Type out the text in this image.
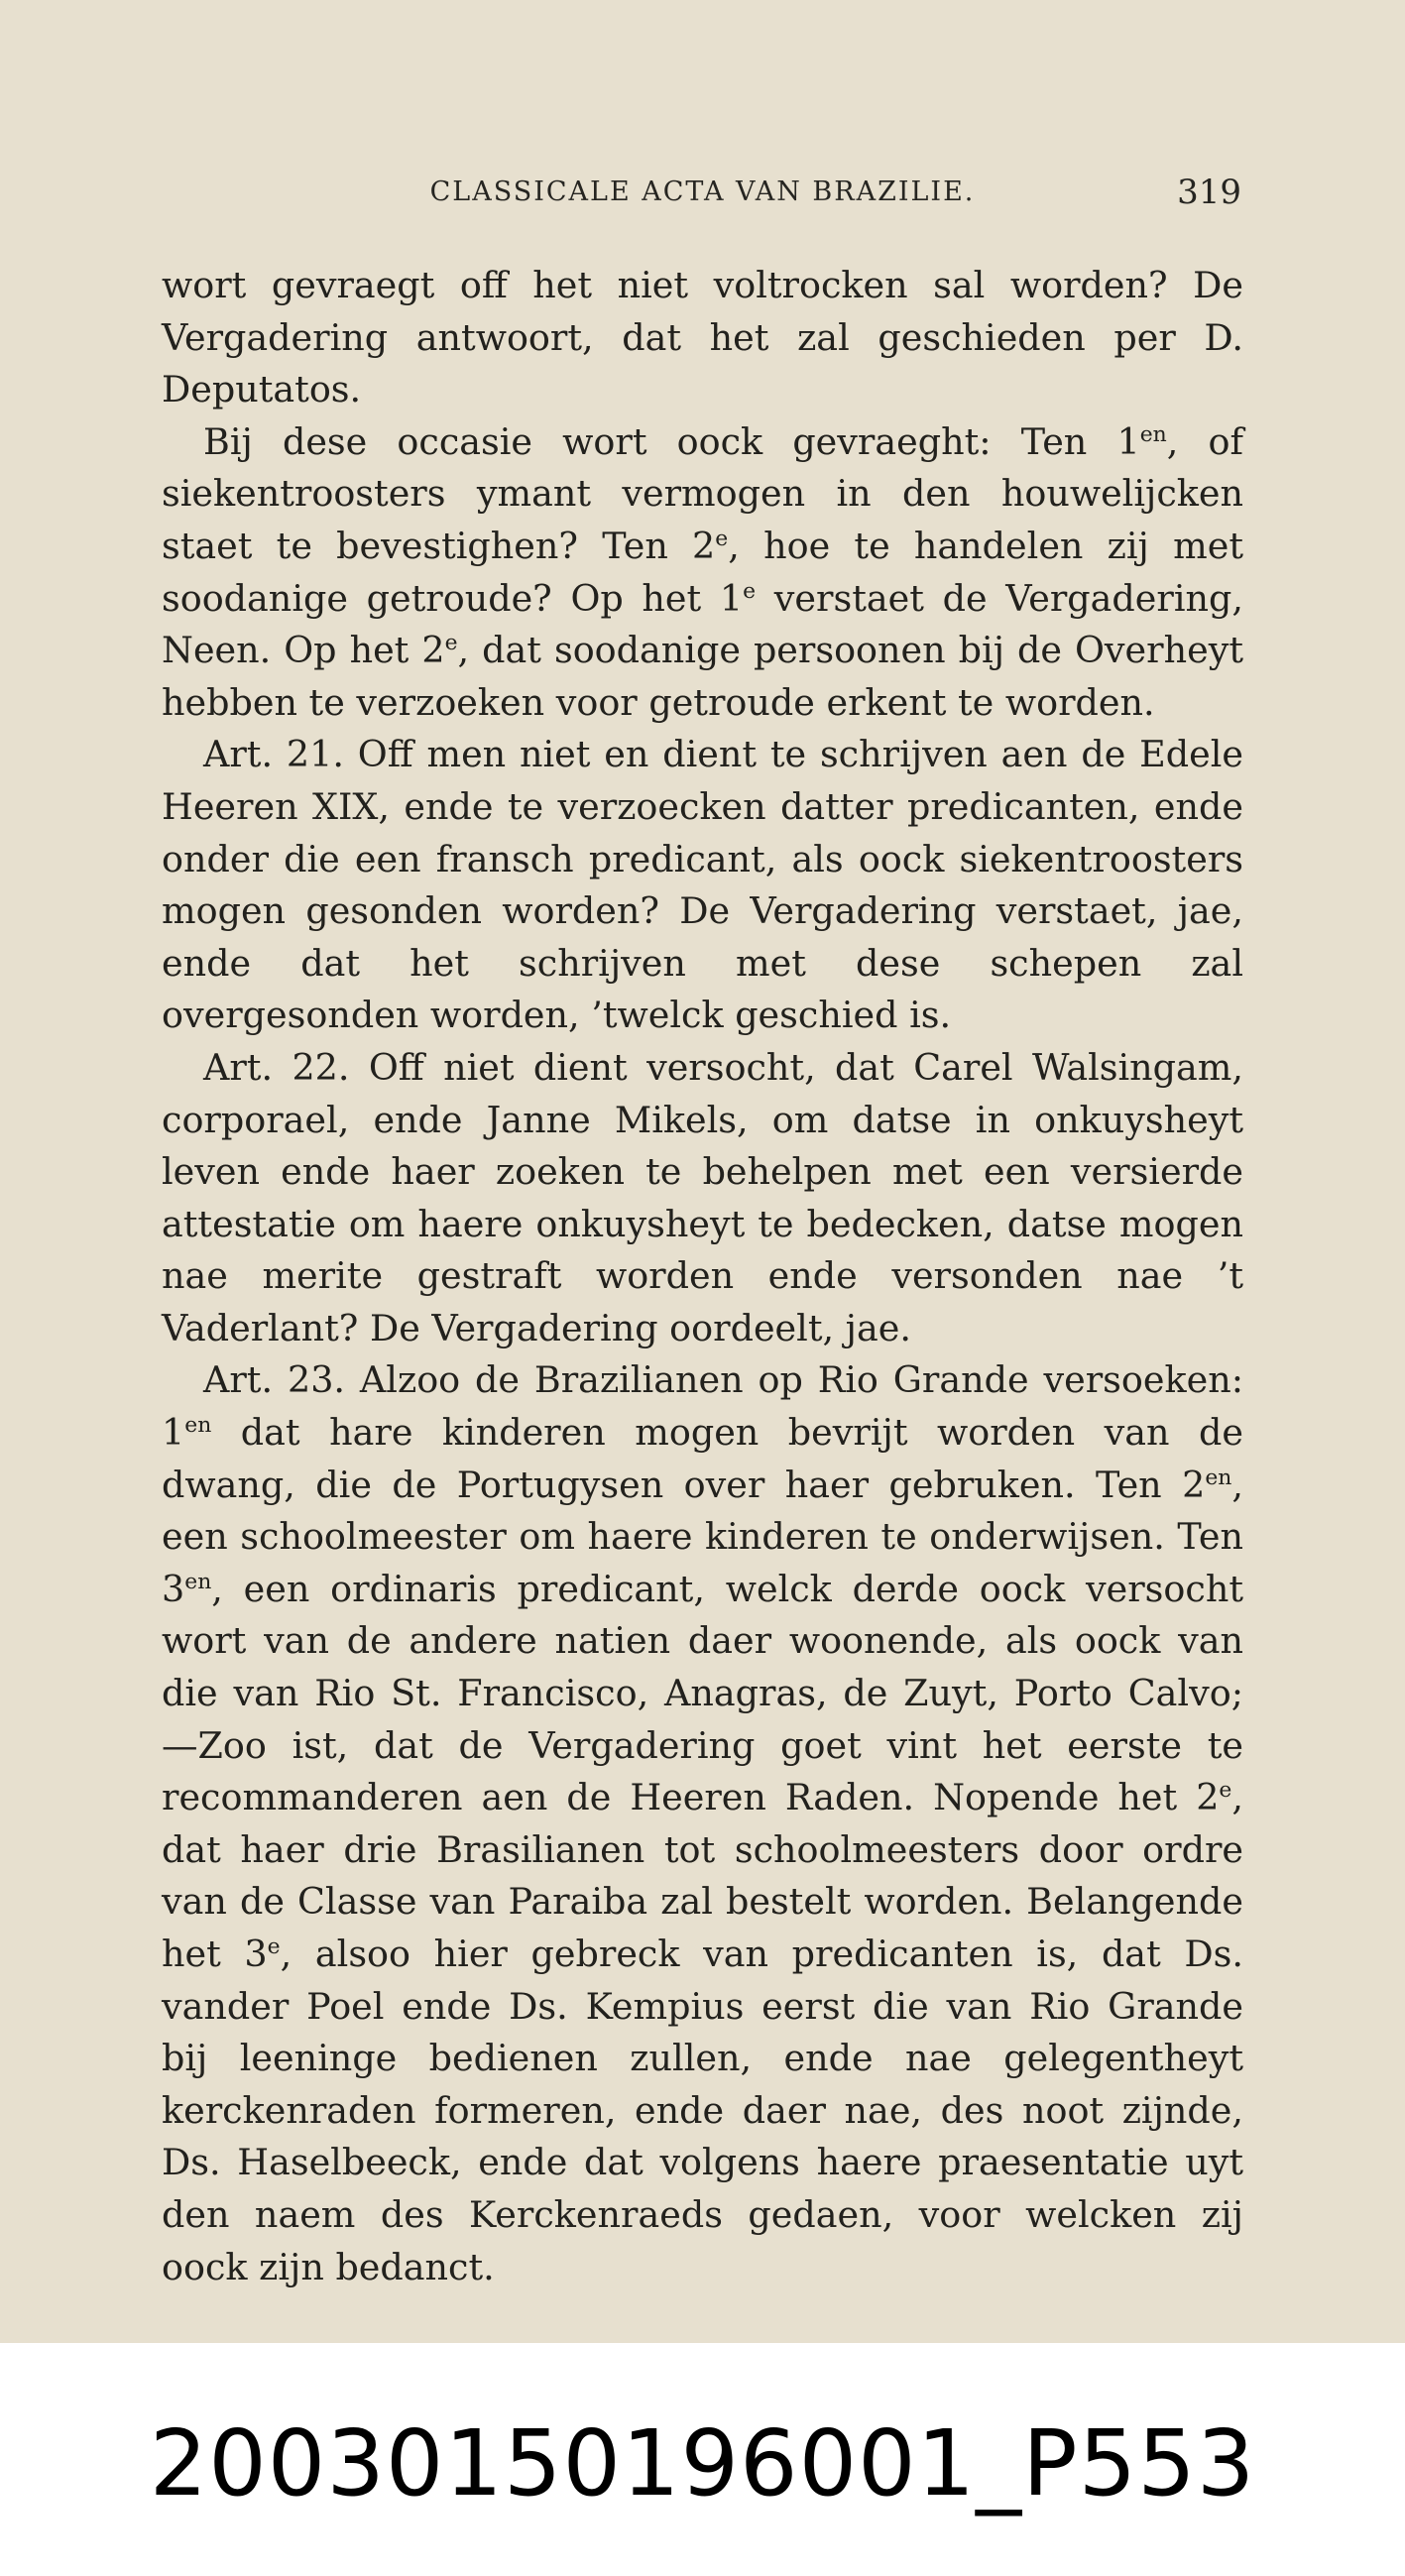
CLASSICALE ACTA VAN BRAZILIE.	319

wort gevraegt off het niet voltrocken sal worden? De Vergadering antwoort, dat het zal geschieden per D. Deputatos.

Bij dese occasie wort oock gevraeght: Ten $1^{en}$, of siekentroosters ymant vermogen in den houwelijcken staet te bevestighen? Ten 2e, hoe te handelen zij met soodanige getroude? Op het 1e verstaet de Vergadering, Neen. Op het 2e, dat soodanige persoonen bij de Overheyt hebben te verzoeken voor getroude erkent te worden.

Art. 21. Off men niet en dient te schrijven aen de Edele Heeren XIX, ende te verzoecken datter predicanten, ende onder die een fransch predicant, als oock siekentroosters mogen gesonden worden? De Vergadering verstaet, jae, ende dat het schrijven met dese schepen zal overgesonden worden, ’twelck geschied is.

Art. 22. Off niet dient versocht, dat Carel Walsingam, corporael, ende Janne Mikels, om datse in onkuysheyt leven ende haer zoeken te behelpen met een versierde attestatie om haere onkuysheyt te bedecken, datse mogen nae merite gestraft worden ende versonden nae ’t Vaderlant? De Vergadering oordeelt, jae.

Art. 23. Alzoo de Brazilianen op Rio Grande versoeken: $1^{en}$ dat hare kinderen mogen bevrijt worden van de dwang, die de Portugysen over haer gebruken. Ten $2^{en}$, een schoolmeester om haere kinderen te onderwijsen. Ten $3^{en}$, een ordinaris predicant, welck derde oock versocht wort van de andere natien daer woonende, als oock van die van Rio St. Francisco, Anagras, de Zuyt, Porto Calvo; —Zoo ist, dat de Vergadering goet vint het eerste te recommanderen aen de Heeren Raden. Nopende het 2e, dat haer drie Brasilianen tot schoolmeesters door ordre van de Classe van Paraiba zal bestelt worden. Belangende het 3e, alsoo hier gebreck van predicanten is, dat Ds. vander Poel ende Ds. Kempius eerst die van Rio Grande bij leeninge bedienen zullen, ende nae gelegentheyt kerckenraden formeren, ende daer nae, des noot zijnde, Ds. Haselbeeck, ende dat volgens haere praesentatie uyt den naem des Kerckenraeds gedaen, voor welcken zij oock zijn bedanct.

20030150196001_P553
